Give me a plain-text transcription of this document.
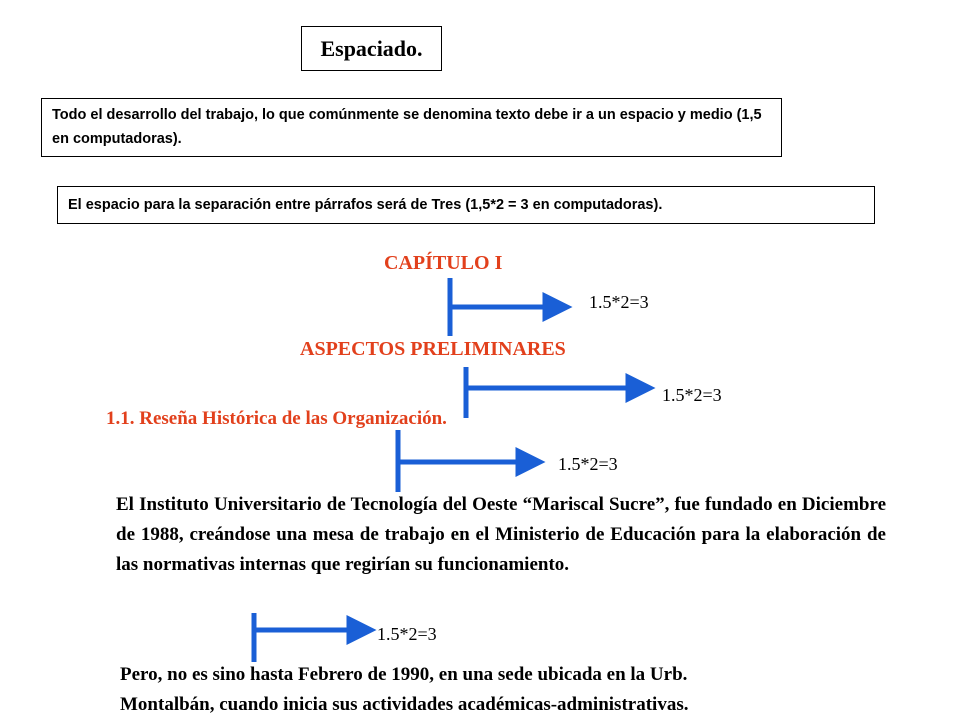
Espaciado.
Todo el desarrollo del trabajo, lo que comúnmente se denomina texto debe ir a un espacio y medio (1,5 en computadoras).
El espacio para la separación entre párrafos será de Tres (1,5*2 = 3 en computadoras).
CAPÍTULO I
ASPECTOS PRELIMINARES
1.1. Reseña Histórica de las Organización.
1.5*2=3
1.5*2=3
1.5*2=3
1.5*2=3
El Instituto Universitario de Tecnología del Oeste “Mariscal Sucre”, fue fundado en Diciembre de 1988, creándose una mesa de trabajo en el Ministerio de Educación para la elaboración de las normativas internas que regirían su funcionamiento.
Pero, no es sino hasta Febrero de 1990, en una sede ubicada en la Urb.
Montalbán, cuando inicia sus actividades académicas-administrativas.
